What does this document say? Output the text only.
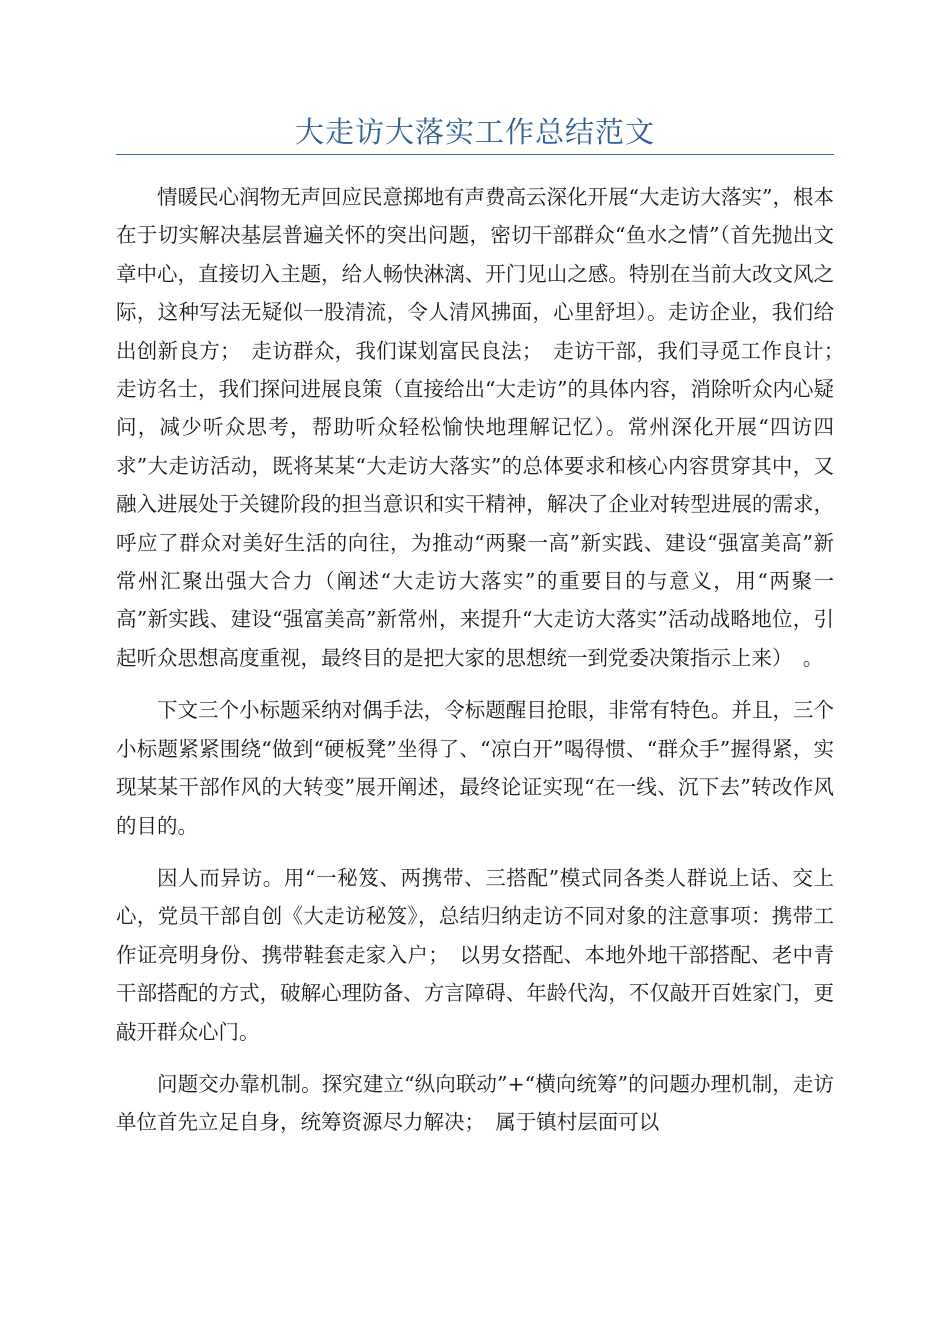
大走访大落实工作总结范文

情暖民心润物无声回应民意掷地有声费高云深化开展“大走访大落实”，根本在于切实解决基层普遍关怀的突出问题，密切干部群众“鱼水之情”（首先抛出文章中心，直接切入主题，给人畅快淋漓、开门见山之感。特别在当前大改文风之际，这种写法无疑似一股清流，令人清风拂面，心里舒坦）。走访企业，我们给出创新良方；　走访群众，我们谋划富民良法；　走访干部，我们寻觅工作良计；　走访名士，我们探问进展良策（直接给出“大走访”的具体内容，消除听众内心疑问，减少听众思考，帮助听众轻松愉快地理解记忆）。常州深化开展“四访四求”大走访活动，既将某某“大走访大落实”的总体要求和核心内容贯穿其中，又融入进展处于关键阶段的担当意识和实干精神，解决了企业对转型进展的需求，呼应了群众对美好生活的向往，为推动“两聚一高”新实践、建设“强富美高”新常州汇聚出强大合力（阐述“大走访大落实”的重要目的与意义，用“两聚一高”新实践、建设“强富美高”新常州，来提升“大走访大落实”活动战略地位，引起听众思想高度重视，最终目的是把大家的思想统一到党委决策指示上来）　。

下文三个小标题采纳对偶手法，令标题醒目抢眼，非常有特色。并且，三个小标题紧紧围绕“做到“硬板凳”坐得了、“凉白开”喝得惯、“群众手”握得紧，实现某某干部作风的大转变”展开阐述，最终论证实现“在一线、沉下去”转改作风的目的。

因人而异访。用“一秘笈、两携带、三搭配”模式同各类人群说上话、交上心，党员干部自创《大走访秘笈》，总结归纳走访不同对象的注意事项：携带工作证亮明身份、携带鞋套走家入户；　以男女搭配、本地外地干部搭配、老中青干部搭配的方式，破解心理防备、方言障碍、年龄代沟，不仅敲开百姓家门，更敲开群众心门。

问题交办靠机制。探究建立“纵向联动”+“横向统筹”的问题办理机制，走访单位首先立足自身，统筹资源尽力解决；　属于镇村层面可以
